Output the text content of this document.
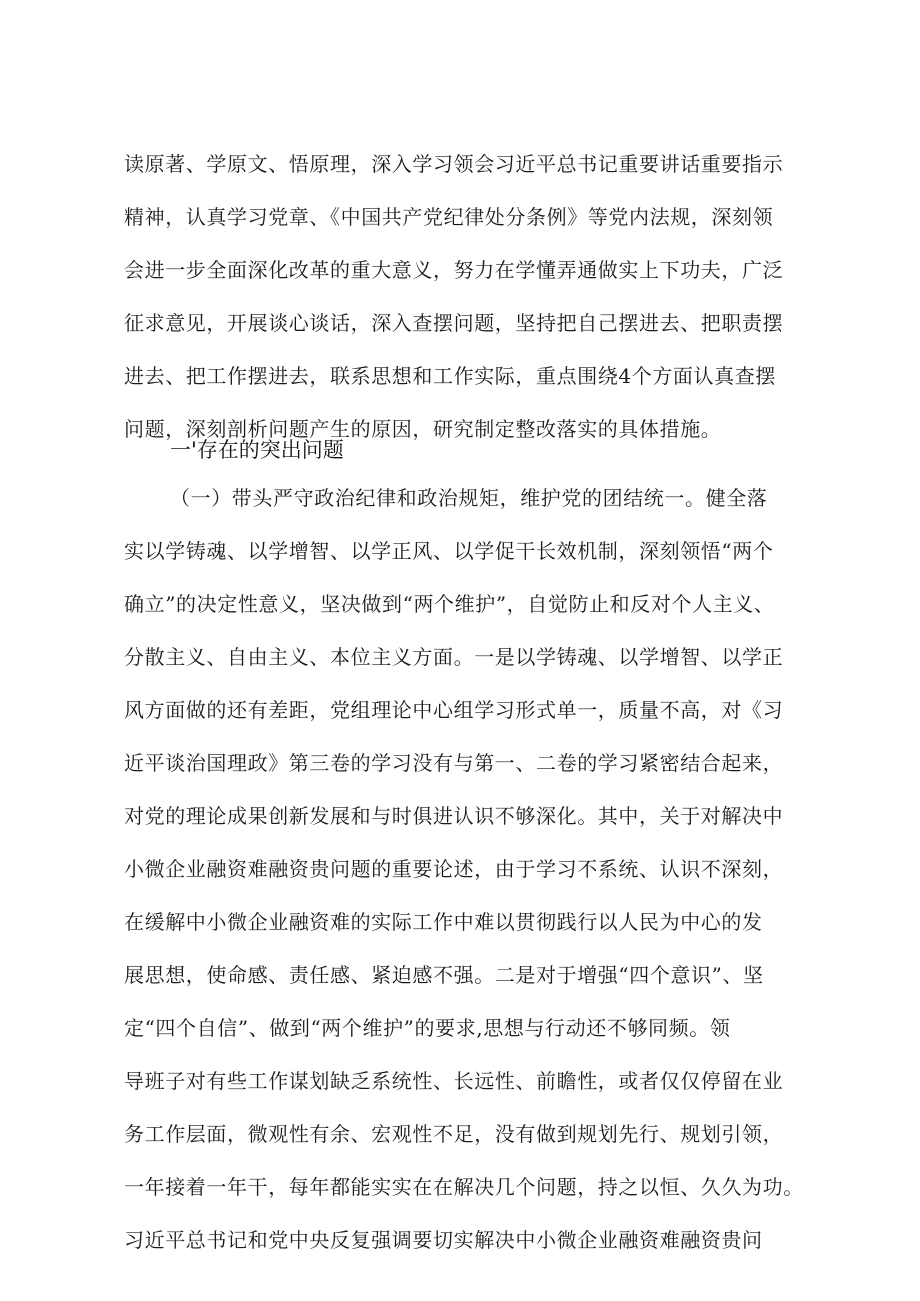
读原著、学原文、悟原理，深入学习领会习近平总书记重要讲话重要指示
精神，认真学习党章、《中国共产党纪律处分条例》等党内法规，深刻领
会进一步全面深化改革的重大意义，努力在学懂弄通做实上下功夫，广泛
征求意见，开展谈心谈话，深入查摆问题，坚持把自己摆进去、把职责摆
进去、把工作摆进去，联系思想和工作实际，重点围绕4个方面认真查摆
问题，深刻剖析问题产生的原因，研究制定整改落实的具体措施。
一'存在的突出问题
（一）带头严守政治纪律和政治规矩，维护党的团结统一。健全落
实以学铸魂、以学增智、以学正风、以学促干长效机制，深刻领悟“两个
确立”的决定性意义，坚决做到“两个维护”，自觉防止和反对个人主义、
分散主义、自由主义、本位主义方面。一是以学铸魂、以学增智、以学正
风方面做的还有差距，党组理论中心组学习形式单一，质量不高，对《习
近平谈治国理政》第三卷的学习没有与第一、二卷的学习紧密结合起来，
对党的理论成果创新发展和与时俱进认识不够深化。其中，关于对解决中
小微企业融资难融资贵问题的重要论述，由于学习不系统、认识不深刻，
在缓解中小微企业融资难的实际工作中难以贯彻践行以人民为中心的发
展思想，使命感、责任感、紧迫感不强。二是对于增强“四个意识”、坚
定“四个自信”、做到“两个维护”的要求,思想与行动还不够同频。领
导班子对有些工作谋划缺乏系统性、长远性、前瞻性，或者仅仅停留在业
务工作层面，微观性有余、宏观性不足，没有做到规划先行、规划引领，
一年接着一年干，每年都能实实在在解决几个问题，持之以恒、久久为功。
习近平总书记和党中央反复强调要切实解决中小微企业融资难融资贵问
